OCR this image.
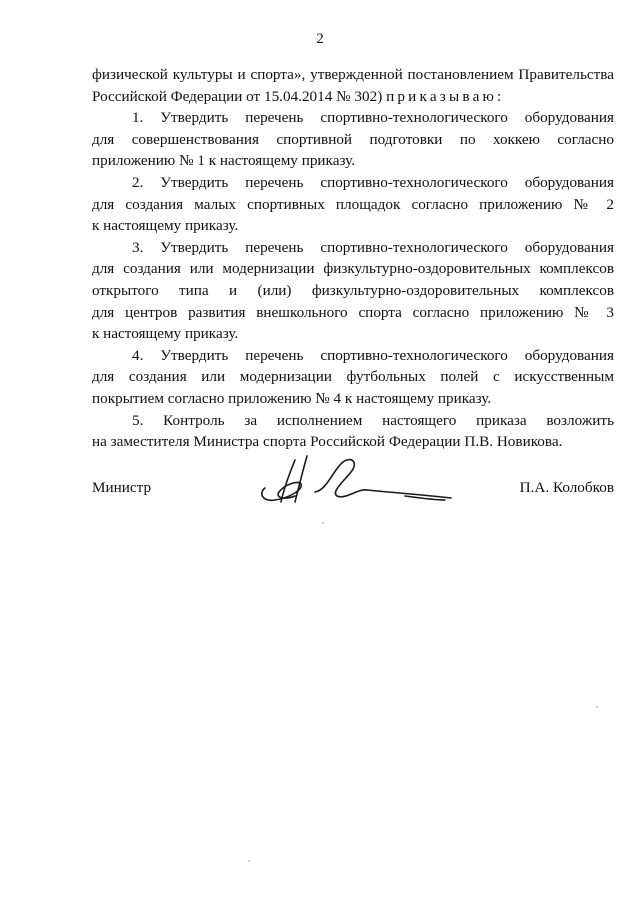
2

физической культуры и спорта», утвержденной постановлением Правительства
Российской Федерации от 15.04.2014 № 302) приказываю:

1. Утвердить перечень спортивно-технологического оборудования
для совершенствования спортивной подготовки по хоккею согласно
приложению № 1 к настоящему приказу.

2. Утвердить перечень спортивно-технологического оборудования
для создания малых спортивных площадок согласно приложению № 2
к настоящему приказу.

3. Утвердить перечень спортивно-технологического оборудования
для создания или модернизации физкультурно-оздоровительных комплексов
открытого типа и (или) физкультурно-оздоровительных комплексов
для центров развития внешкольного спорта согласно приложению № 3
к настоящему приказу.

4. Утвердить перечень спортивно-технологического оборудования
для создания или модернизации футбольных полей с искусственным
покрытием согласно приложению № 4 к настоящему приказу.

5. Контроль за исполнением настоящего приказа возложить
на заместителя Министра спорта Российской Федерации П.В. Новикова.

Министр	П.А. Колобков
